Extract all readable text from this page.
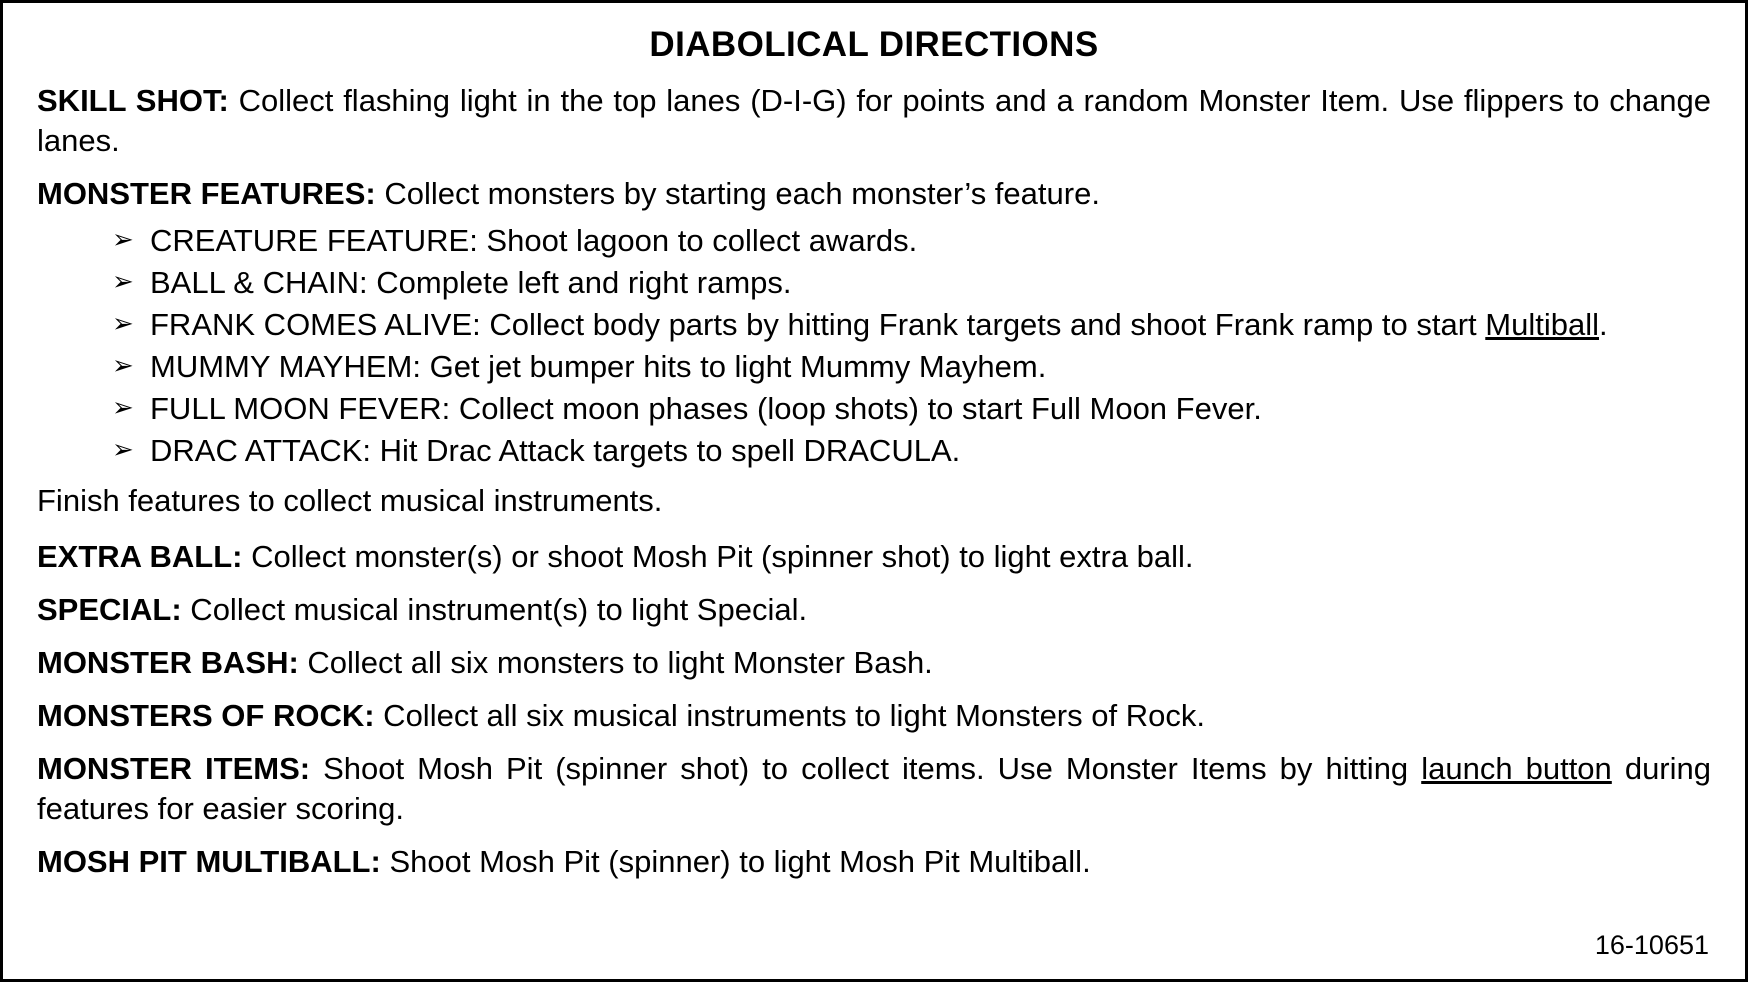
DIABOLICAL DIRECTIONS

SKILL SHOT: Collect flashing light in the top lanes (D-I-G) for points and a random Monster Item. Use flippers to change lanes.

MONSTER FEATURES: Collect monsters by starting each monster’s feature.

➢ CREATURE FEATURE: Shoot lagoon to collect awards.
➢ BALL & CHAIN: Complete left and right ramps.
➢ FRANK COMES ALIVE: Collect body parts by hitting Frank targets and shoot Frank ramp to start Multiball.
➢ MUMMY MAYHEM: Get jet bumper hits to light Mummy Mayhem.
➢ FULL MOON FEVER: Collect moon phases (loop shots) to start Full Moon Fever.
➢ DRAC ATTACK: Hit Drac Attack targets to spell DRACULA.
Finish features to collect musical instruments.

EXTRA BALL: Collect monster(s) or shoot Mosh Pit (spinner shot) to light extra ball.

SPECIAL: Collect musical instrument(s) to light Special.

MONSTER BASH: Collect all six monsters to light Monster Bash.

MONSTERS OF ROCK: Collect all six musical instruments to light Monsters of Rock.

MONSTER ITEMS: Shoot Mosh Pit (spinner shot) to collect items. Use Monster Items by hitting launch button during features for easier scoring.

MOSH PIT MULTIBALL: Shoot Mosh Pit (spinner) to light Mosh Pit Multiball.

16-10651
